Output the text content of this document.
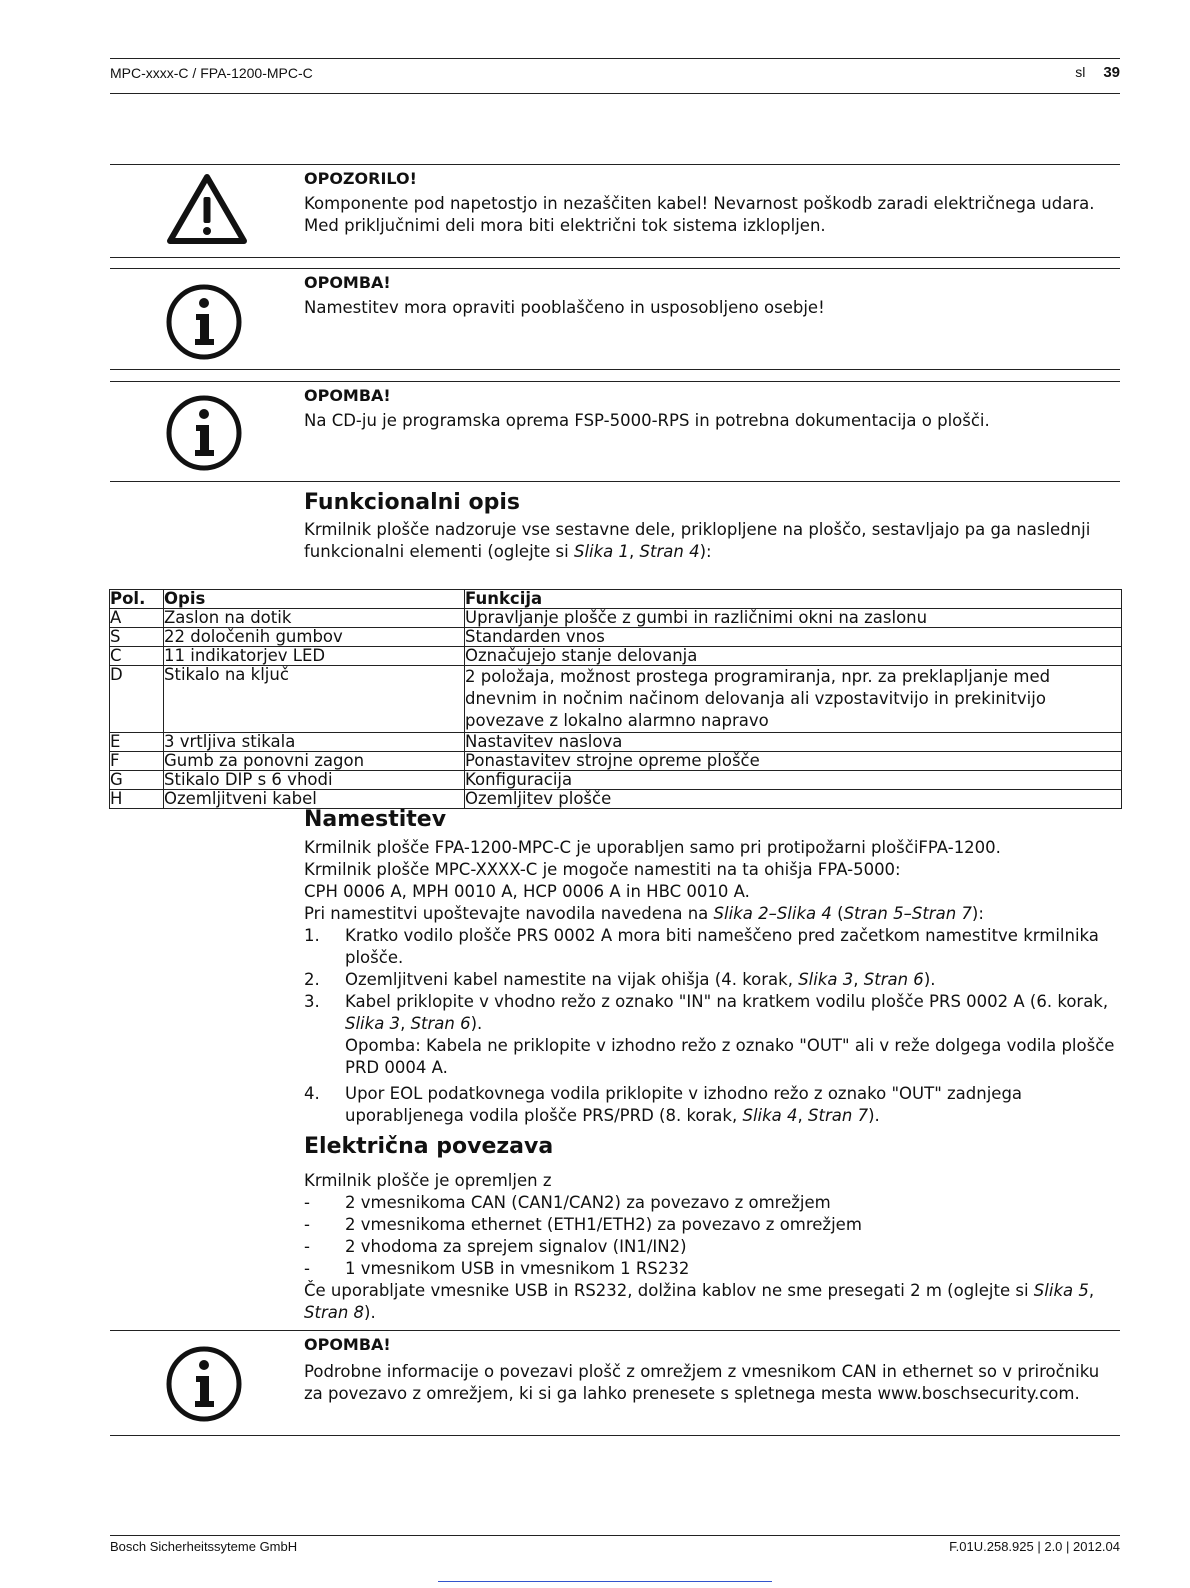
MPC-xxxx-C / FPA-1200-MPC-C	sl 39
OPOZORILO!
Komponente pod napetostjo in nezaščiten kabel! Nevarnost poškodb zaradi električnega udara. Med priključnimi deli mora biti električni tok sistema izklopljen.
OPOMBA!
Namestitev mora opraviti pooblaščeno in usposobljeno osebje!
OPOMBA!
Na CD-ju je programska oprema FSP-5000-RPS in potrebna dokumentacija o plošči.
Funkcionalni opis

Krmilnik plošče nadzoruje vse sestavne dele, priklopljene na ploščo, sestavljajo pa ga naslednji funkcionalni elementi (oglejte si Slika 1, Stran 4):

Pol.	Opis	Funkcija
A	Zaslon na dotik	Upravljanje plošče z gumbi in različnimi okni na zaslonu
S	22 določenih gumbov	Standarden vnos
C	11 indikatorjev LED	Označujejo stanje delovanja
D	Stikalo na ključ	2 položaja, možnost prostega programiranja, npr. za preklapljanje med dnevnim in nočnim načinom delovanja ali vzpostavitvijo in prekinitvijo povezave z lokalno alarmno napravo
E	3 vrtljiva stikala	Nastavitev naslova
F	Gumb za ponovni zagon	Ponastavitev strojne opreme plošče
G	Stikalo DIP s 6 vhodi	Konfiguracija
H	Ozemljitveni kabel	Ozemljitev plošče
Namestitev

Krmilnik plošče FPA-1200-MPC-C je uporabljen samo pri protipožarni ploščiFPA-1200.

Krmilnik plošče MPC-XXXX-C je mogoče namestiti na ta ohišja FPA-5000:

CPH 0006 A, MPH 0010 A, HCP 0006 A in HBC 0010 A.

Pri namestitvi upoštevajte navodila navedena na Slika 2–Slika 4 (Stran 5–Stran 7):

1. Kratko vodilo plošče PRS 0002 A mora biti nameščeno pred začetkom namestitve krmilnika plošče.
2. Ozemljitveni kabel namestite na vijak ohišja (4. korak, Slika 3, Stran 6).
3. Kabel priklopite v vhodno režo z oznako "IN" na kratkem vodilu plošče PRS 0002 A (6. korak, Slika 3, Stran 6).
Opomba: Kabela ne priklopite v izhodno režo z oznako "OUT" ali v reže dolgega vodila plošče PRD 0004 A.
4. Upor EOL podatkovnega vodila priklopite v izhodno režo z oznako "OUT" zadnjega uporabljenega vodila plošče PRS/PRD (8. korak, Slika 4, Stran 7).
Električna povezava

Krmilnik plošče je opremljen z

- 2 vmesnikoma CAN (CAN1/CAN2) za povezavo z omrežjem
- 2 vmesnikoma ethernet (ETH1/ETH2) za povezavo z omrežjem
- 2 vhodoma za sprejem signalov (IN1/IN2)
- 1 vmesnikom USB in vmesnikom 1 RS232

Če uporabljate vmesnike USB in RS232, dolžina kablov ne sme presegati 2 m (oglejte si Slika 5, Stran 8).

OPOMBA!
Podrobne informacije o povezavi plošč z omrežjem z vmesnikom CAN in ethernet so v priročniku za povezavo z omrežjem, ki si ga lahko prenesete s spletnega mesta www.boschsecurity.com.
Bosch Sicherheitssyteme GmbH	F.01U.258.925 | 2.0 | 2012.04
